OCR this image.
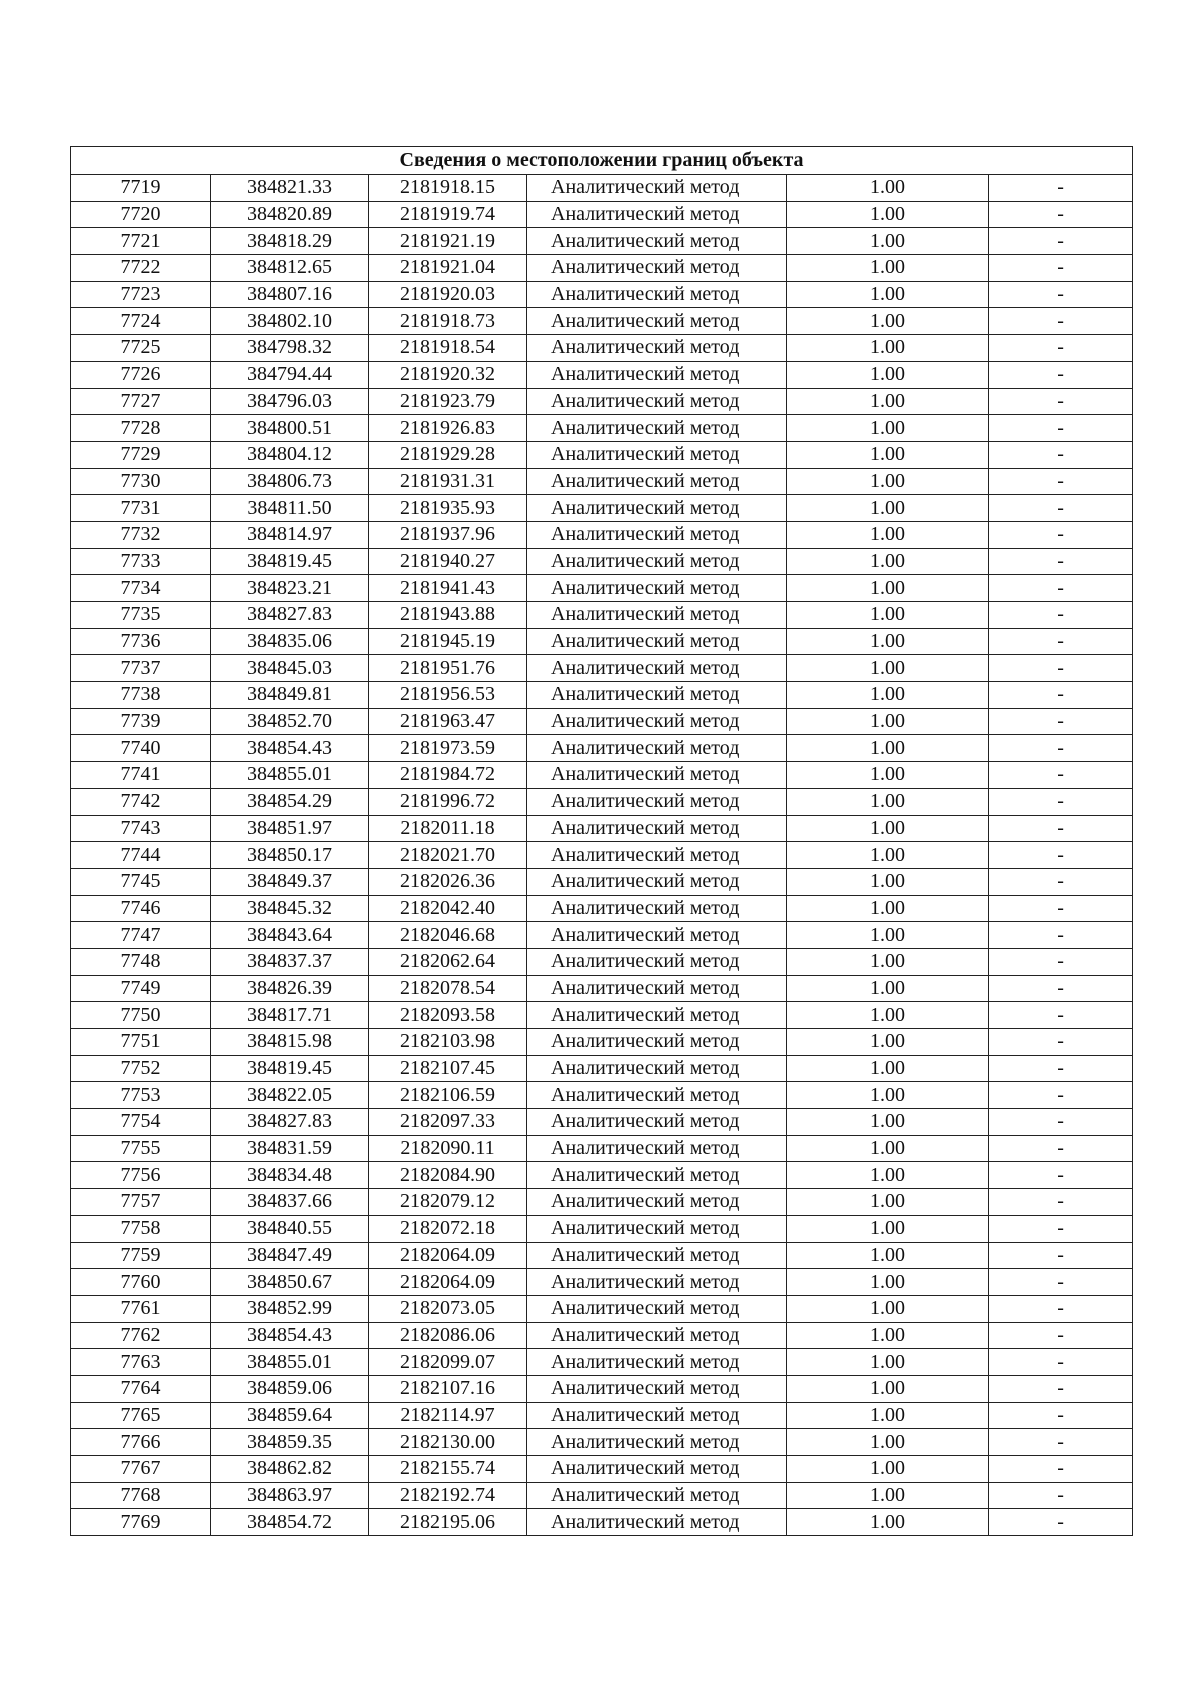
Сведения о местоположении границ объекта					
7719	384821.33	2181918.15	Аналитический метод	1.00	-
7720	384820.89	2181919.74	Аналитический метод	1.00	-
7721	384818.29	2181921.19	Аналитический метод	1.00	-
7722	384812.65	2181921.04	Аналитический метод	1.00	-
7723	384807.16	2181920.03	Аналитический метод	1.00	-
7724	384802.10	2181918.73	Аналитический метод	1.00	-
7725	384798.32	2181918.54	Аналитический метод	1.00	-
7726	384794.44	2181920.32	Аналитический метод	1.00	-
7727	384796.03	2181923.79	Аналитический метод	1.00	-
7728	384800.51	2181926.83	Аналитический метод	1.00	-
7729	384804.12	2181929.28	Аналитический метод	1.00	-
7730	384806.73	2181931.31	Аналитический метод	1.00	-
7731	384811.50	2181935.93	Аналитический метод	1.00	-
7732	384814.97	2181937.96	Аналитический метод	1.00	-
7733	384819.45	2181940.27	Аналитический метод	1.00	-
7734	384823.21	2181941.43	Аналитический метод	1.00	-
7735	384827.83	2181943.88	Аналитический метод	1.00	-
7736	384835.06	2181945.19	Аналитический метод	1.00	-
7737	384845.03	2181951.76	Аналитический метод	1.00	-
7738	384849.81	2181956.53	Аналитический метод	1.00	-
7739	384852.70	2181963.47	Аналитический метод	1.00	-
7740	384854.43	2181973.59	Аналитический метод	1.00	-
7741	384855.01	2181984.72	Аналитический метод	1.00	-
7742	384854.29	2181996.72	Аналитический метод	1.00	-
7743	384851.97	2182011.18	Аналитический метод	1.00	-
7744	384850.17	2182021.70	Аналитический метод	1.00	-
7745	384849.37	2182026.36	Аналитический метод	1.00	-
7746	384845.32	2182042.40	Аналитический метод	1.00	-
7747	384843.64	2182046.68	Аналитический метод	1.00	-
7748	384837.37	2182062.64	Аналитический метод	1.00	-
7749	384826.39	2182078.54	Аналитический метод	1.00	-
7750	384817.71	2182093.58	Аналитический метод	1.00	-
7751	384815.98	2182103.98	Аналитический метод	1.00	-
7752	384819.45	2182107.45	Аналитический метод	1.00	-
7753	384822.05	2182106.59	Аналитический метод	1.00	-
7754	384827.83	2182097.33	Аналитический метод	1.00	-
7755	384831.59	2182090.11	Аналитический метод	1.00	-
7756	384834.48	2182084.90	Аналитический метод	1.00	-
7757	384837.66	2182079.12	Аналитический метод	1.00	-
7758	384840.55	2182072.18	Аналитический метод	1.00	-
7759	384847.49	2182064.09	Аналитический метод	1.00	-
7760	384850.67	2182064.09	Аналитический метод	1.00	-
7761	384852.99	2182073.05	Аналитический метод	1.00	-
7762	384854.43	2182086.06	Аналитический метод	1.00	-
7763	384855.01	2182099.07	Аналитический метод	1.00	-
7764	384859.06	2182107.16	Аналитический метод	1.00	-
7765	384859.64	2182114.97	Аналитический метод	1.00	-
7766	384859.35	2182130.00	Аналитический метод	1.00	-
7767	384862.82	2182155.74	Аналитический метод	1.00	-
7768	384863.97	2182192.74	Аналитический метод	1.00	-
7769	384854.72	2182195.06	Аналитический метод	1.00	-
